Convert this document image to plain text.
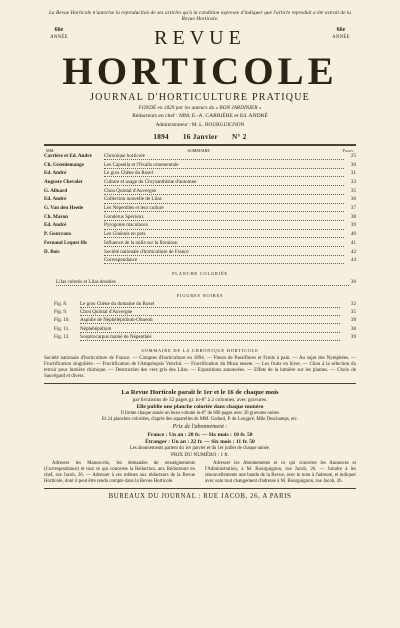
La Revue Horticole n'autorise la reproduction de ses articles qu'à la condition expresse d'indiquer que l'article reproduit a été extrait de la Revue Horticole.

66e
ANNÉE	REVUE	66e
ANNÉE
HORTICOLE
JOURNAL D'HORTICULTURE PRATIQUE
FONDÉ en 1829 par les auteurs du « BON JARDINIER »
Rédacteurs en chef : MM. E.-A. CARRIÈRE et Ed. ANDRÉ
Administrateur : M. L. BOURGUIGNON
1894 16 Janvier N° 2
MM.	SOMMAIRE	Pages.
Carrière et Ed. André	Chronique horticole	25
Ch. Grœnlemange	Les Capsella et l'Oxalis ornementale	30
Ed. André	Le gros Chêne du Rosel	31
Auguste Chevalet	Culture et usage du Chrysanthème d'automne	33
G. Alluard	Chou Quintal d'Auvergne	35
Ed. André	Collection nouvelle de Lilas	36
G. Van den Heede	Les Népenthès et leur culture	37
Ch. Maron	Gondérus Spécieux	38
Ed. André	Pyrogonie maculacea	39
P. Gouvraux	Les Glaïeuls en pots	40
Fernand Lequet fils	Influence de la taille sur la floraison	41
D. Bois	Société nationale d'horticulture de France	42
Correspondance	44
PLANCHE COLORIÉE
Lilas colorés et Lilas doubles	36
FIGURES NOIRES
Fig. 8.	Le gros Chêne du domaine du Rosel	32
Fig. 9.	Chou Quintal d'Auvergne	35
Fig. 10.	Aspidie de Néphélépidium-Ohnenti	38
Fig. 11.	Néphélépidium	38
Fig. 12.	Sceptrocarpus mainé de Népenthès	39
SOMMAIRE DE LA CHRONIQUE HORTICOLE

Société nationale d'horticulture de France. — Comptes d'horticulture en 1894. — Fleurs de Passiflores et Fruits à pain. — Au sujet des Nymphées. — Fructification singulière. — Fructification de l'Ampelopsis Veitchii. — Fructification du Musa ensete. — Les fruits en hiver. — Chou à la sélection du terroir pour lumière chimique. — Destruction des vers gris des Lilas. — Expositions annoncées. — Effets de la lumière sur les plantes. — Choix de Sauvégard et divers.

La Revue Horticole paraît le 1er et le 16 de chaque mois
par livraisons de 32 pages gr. in-8° à 2 colonnes, avec gravures.
Elle publie une planche coloriée dans chaque numéro
Il forme chaque année un beau volume in-8° de 600 pages avec 20 gravures noires
Et 24 planches coloriées, d'après des aquarelles de MM. Godard, P. de Longpré, Mlle Deschamps, etc.
Prix de l'abonnement :
France : Un an : 20 fr. — Six mois : 10 fr. 50
Étranger : Un an : 22 fr. — Six mois : 11 fr. 50
Les abonnements partent du 1er janvier et du 1er juillet de chaque année.
PRIX DU NUMÉRO : 1 fr.

Adresser les Manuscrits, les demandes de renseignements (Correspondance) et tout ce qui concerne la Rédaction, aux Rédacteurs en chef, rue Jacob, 26. — Adresser à ces mêmes aux rédacteurs de la Revue Horticole, dont il peut être rendu compte dans la Revue Horticole.

Adresser les Abonnements et ce qui concerne les Annonces et l'Administration, à M. Bourguignon, rue Jacob, 26. — Joindre à les renouvellements une bande de la Revue, avec le nom à l'adresse, et indiquer avec soin tout changement d'adresse à M. Bourguignon, rue Jacob, 26.

BUREAUX DU JOURNAL : RUE JACOB, 26, A PARIS
